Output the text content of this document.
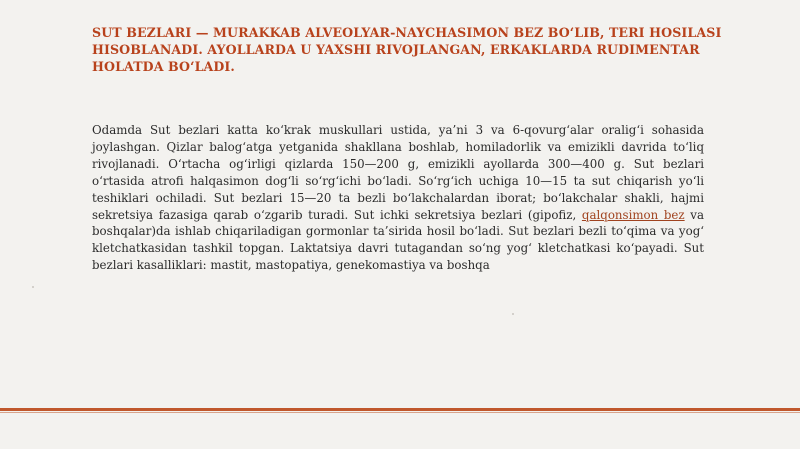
SUT BEZLARI — MURAKKAB ALVEOLYAR-NAYCHASIMON BEZ BO‘LIB, TERI HOSILASI HISOBLANADI. AYOLLARDA U YAXSHI RIVOJLANGAN, ERKAKLARDA RUDIMENTAR HOLATDA BO‘LADI.
Odamda Sut bezlari katta ko‘krak muskullari ustida, ya’ni 3 va 6-qovurg‘alar oralig‘i sohasida joylashgan. Qizlar balog‘atga yetganida shakllana boshlab, homiladorlik va emizikli davrida to‘liq rivojlanadi. O‘rtacha og‘irligi qizlarda 150—200 g, emizikli ayollarda 300—400 g. Sut bezlari o‘rtasida atrofi halqasimon dog‘li so‘rg‘ichi bo‘ladi. So‘rg‘ich uchiga 10—15 ta sut chiqarish yo‘li teshiklari ochiladi. Sut bezlari 15—20 ta bezli bo‘lakchalardan iborat; bo‘lakchalar shakli, hajmi sekretsiya fazasiga qarab o‘zgarib turadi. Sut ichki sekretsiya bezlari (gipofiz, qalqonsimon bez va boshqalar)da ishlab chiqariladigan gormonlar ta’sirida hosil bo‘ladi. Sut bezlari bezli to‘qima va yog‘ kletchatkasidan tashkil topgan. Laktatsiya davri tutagandan so‘ng yog‘ kletchatkasi ko‘payadi. Sut bezlari kasalliklari: mastit, mastopatiya, genekomastiya va boshqa
